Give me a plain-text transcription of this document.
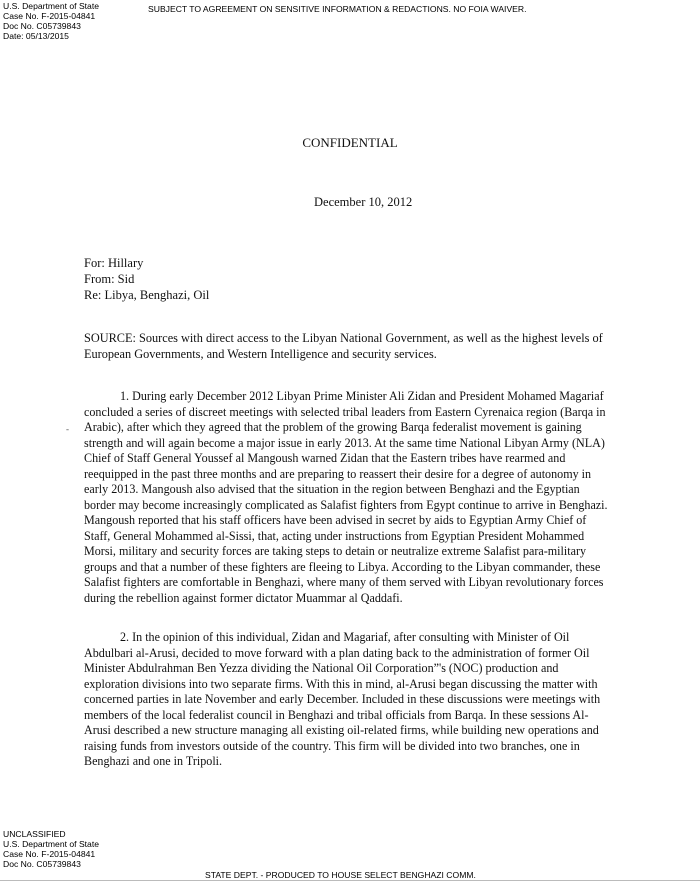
U.S. Department of State
Case No. F-2015-04841
Doc No. C05739843
Date: 05/13/2015
SUBJECT TO AGREEMENT ON SENSITIVE INFORMATION & REDACTIONS. NO FOIA WAIVER.
CONFIDENTIAL
December 10, 2012
For: Hillary
From: Sid
Re: Libya, Benghazi, Oil
SOURCE: Sources with direct access to the Libyan National Government, as well as the highest levels of European Governments, and Western Intelligence and security services.
-
1. During early December 2012 Libyan Prime Minister Ali Zidan and President Mohamed Magariaf concluded a series of discreet meetings with selected tribal leaders from Eastern Cyrenaica region (Barqa in Arabic), after which they agreed that the problem of the growing Barqa federalist movement is gaining strength and will again become a major issue in early 2013. At the same time National Libyan Army (NLA) Chief of Staff General Youssef al Mangoush warned Zidan that the Eastern tribes have rearmed and reequipped in the past three months and are preparing to reassert their desire for a degree of autonomy in early 2013. Mangoush also advised that the situation in the region between Benghazi and the Egyptian border may become increasingly complicated as Salafist fighters from Egypt continue to arrive in Benghazi. Mangoush reported that his staff officers have been advised in secret by aids to Egyptian Army Chief of Staff, General Mohammed al-Sissi, that, acting under instructions from Egyptian President Mohammed Morsi, military and security forces are taking steps to detain or neutralize extreme Salafist para-military groups and that a number of these fighters are fleeing to Libya. According to the Libyan commander, these Salafist fighters are comfortable in Benghazi, where many of them served with Libyan revolutionary forces during the rebellion against former dictator Muammar al Qaddafi.
2. In the opinion of this individual, Zidan and Magariaf, after consulting with Minister of Oil Abdulbari al-Arusi, decided to move forward with a plan dating back to the administration of former Oil Minister Abdulrahman Ben Yezza dividing the National Oil Corporation”'s (NOC) production and exploration divisions into two separate firms. With this in mind, al-Arusi began discussing the matter with concerned parties in late November and early December. Included in these discussions were meetings with members of the local federalist council in Benghazi and tribal officials from Barqa. In these sessions Al-Arusi described a new structure managing all existing oil-related firms, while building new operations and raising funds from investors outside of the country. This firm will be divided into two branches, one in Benghazi and one in Tripoli.
UNCLASSIFIED
U.S. Department of State
Case No. F-2015-04841
Doc No. C05739843
STATE DEPT. - PRODUCED TO HOUSE SELECT BENGHAZI COMM.
